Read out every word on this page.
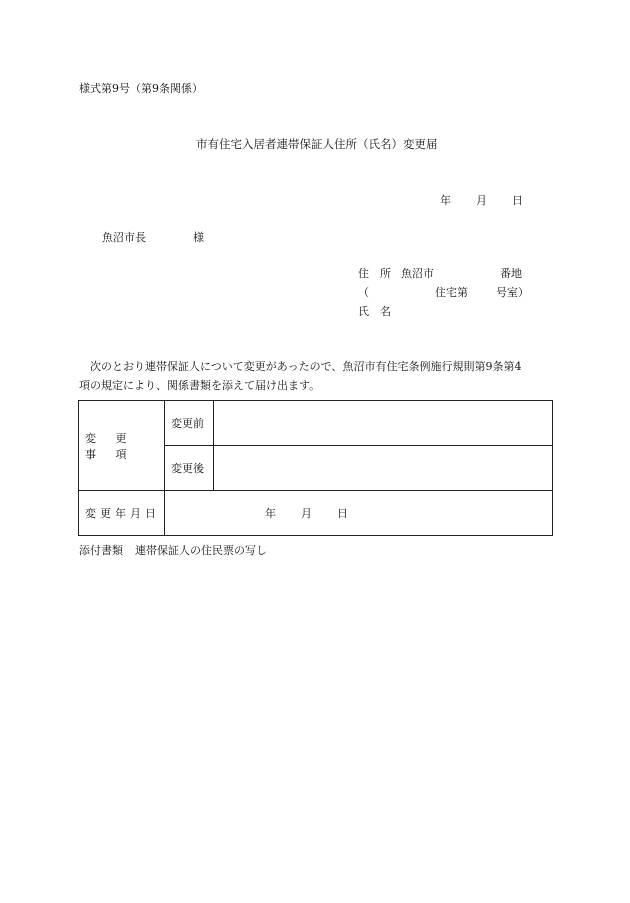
様式第9号（第9条関係）
市有住宅入居者連帯保証人住所（氏名）変更届
年 月 日
魚沼市長	様
住　所 魚沼市	番地
（	住宅第	号室）
氏　名
　次のとおり連帯保証人について変更があったので、魚沼市有住宅条例施行規則第9条第4
項の規定により、関係書類を添えて届け出ます。
変 更 事 項	変更前	
	変更後	
変更年月日	年 月 日	
添付書類 連帯保証人の住民票の写し
